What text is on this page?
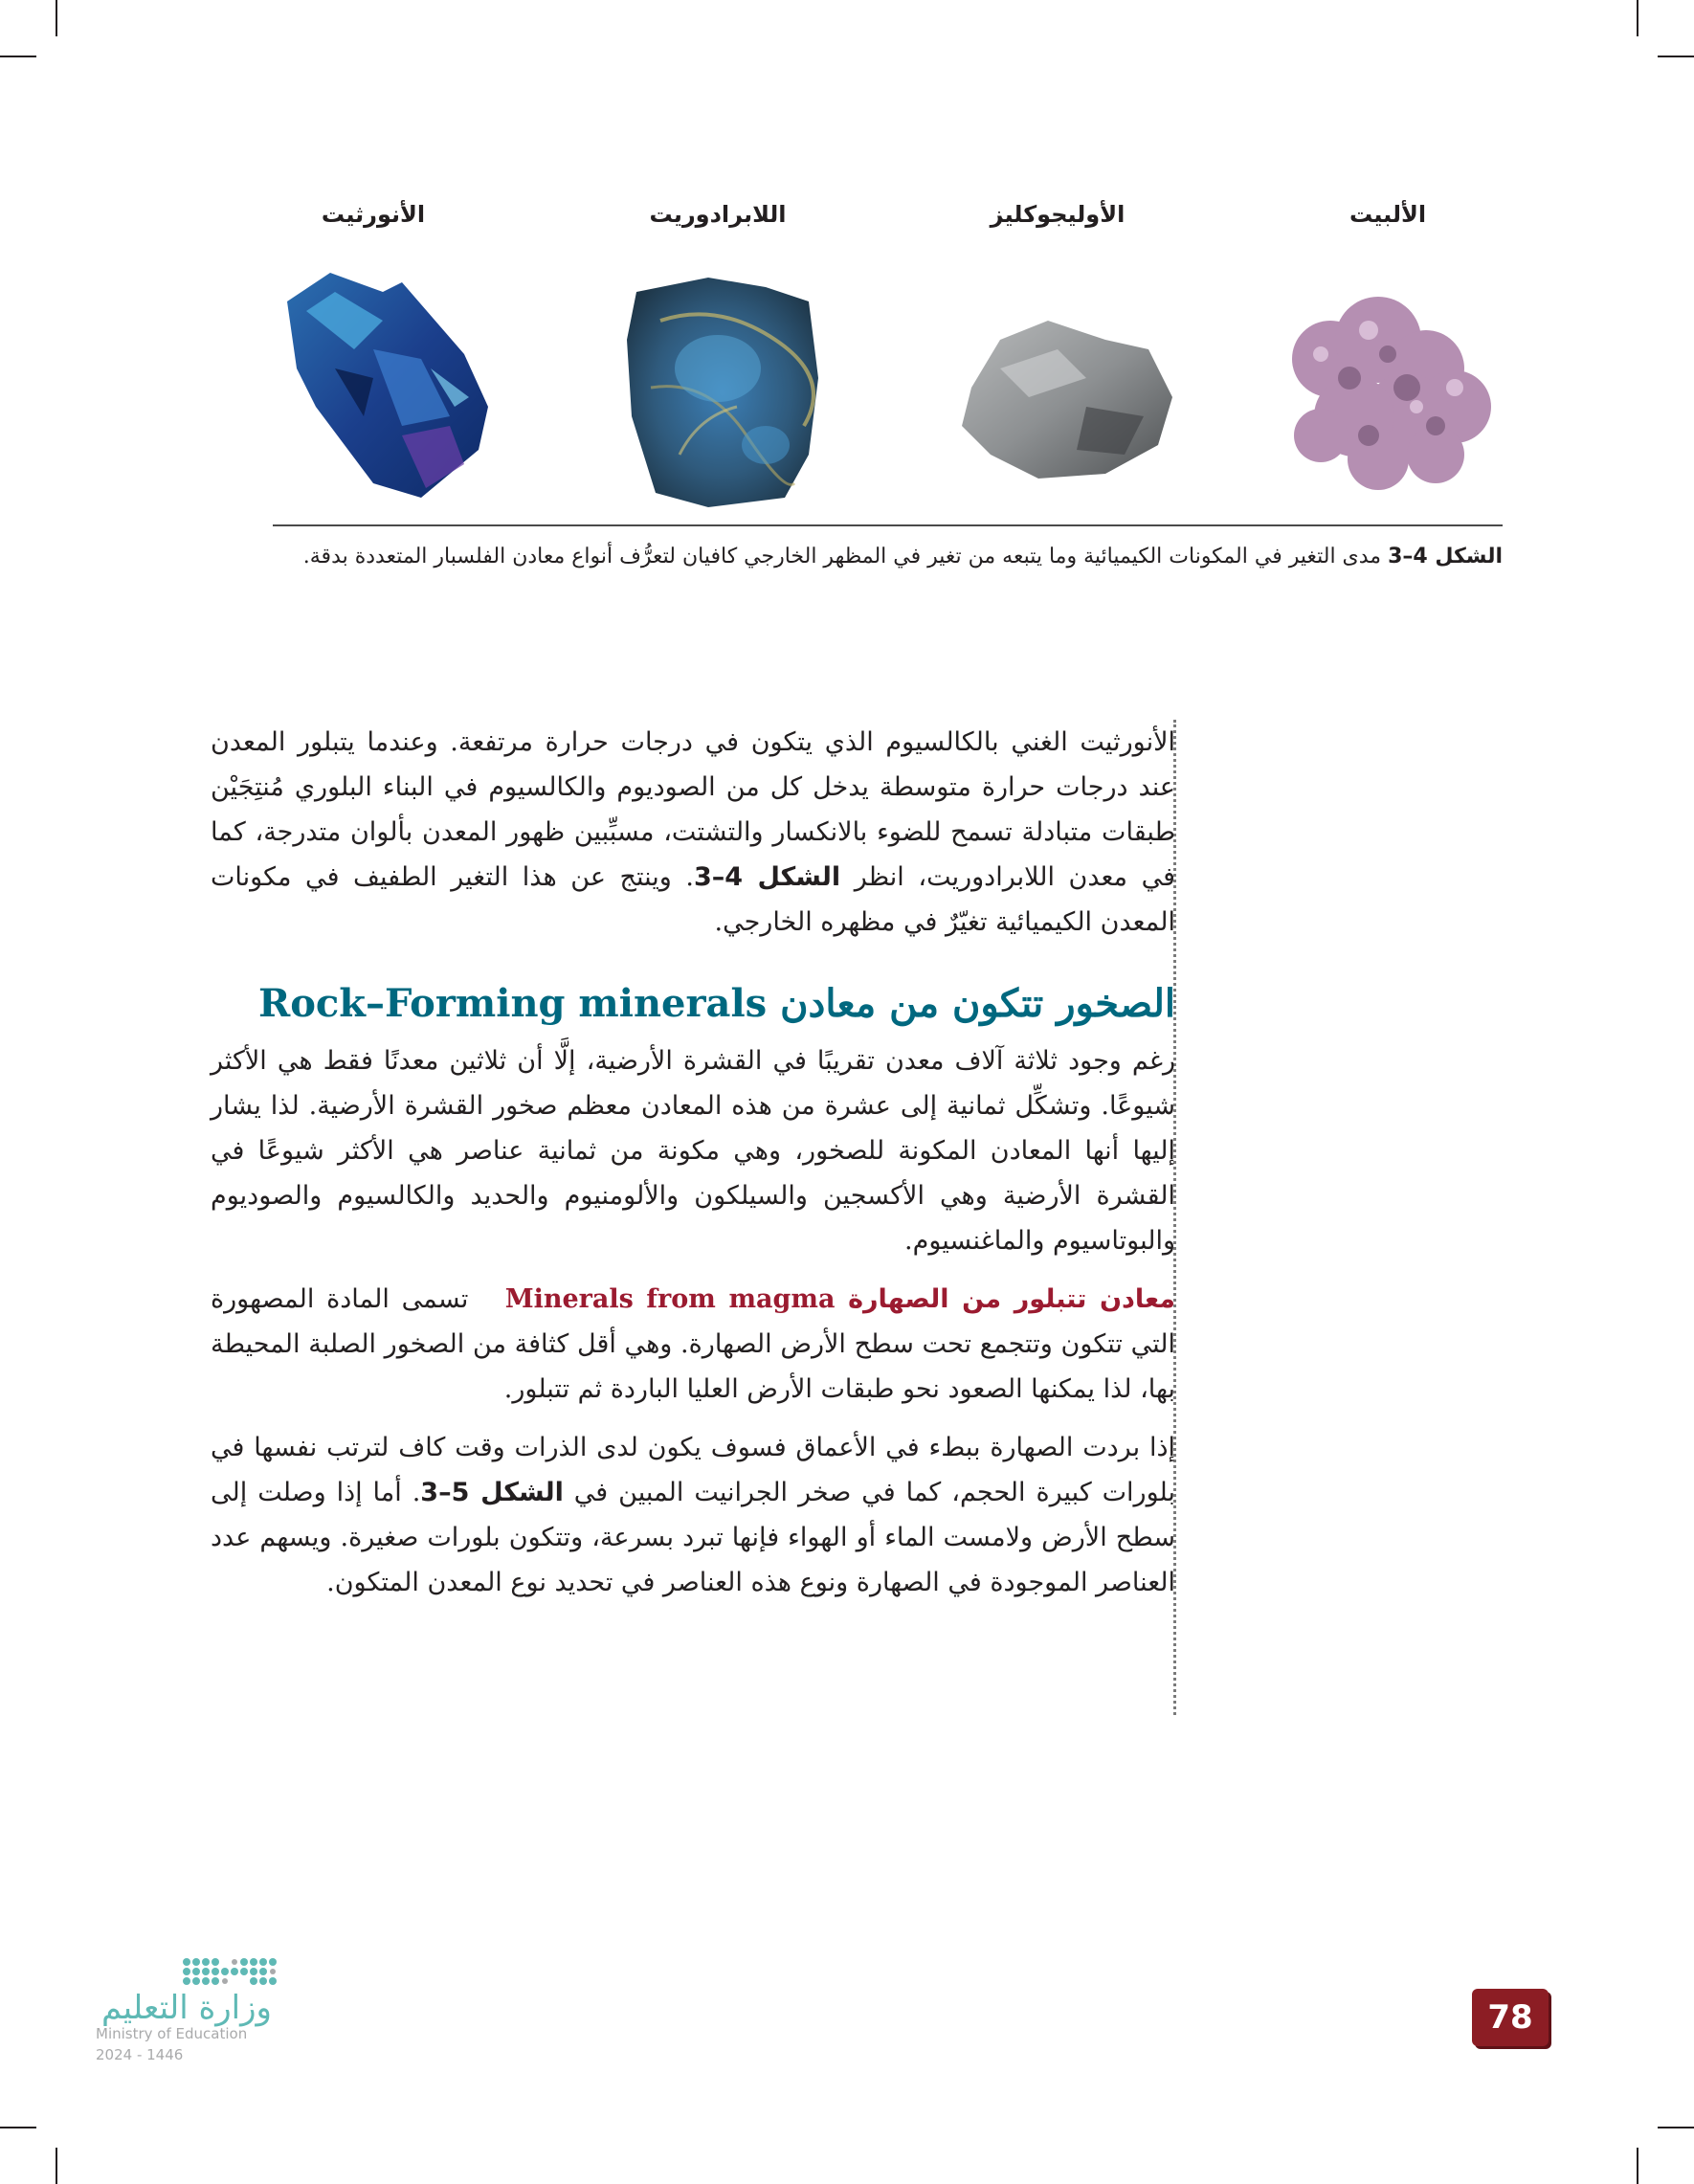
الأنورثيت	اللابرادوريت	الأوليجوكليز	الألبيت
الشكل 4–3 مدى التغير في المكونات الكيميائية وما يتبعه من تغير في المظهر الخارجي كافيان لتعرُّف أنواع معادن الفلسبار المتعددة بدقة.

الأنورثيت الغني بالكالسيوم الذي يتكون في درجات حرارة مرتفعة. وعندما يتبلور المعدن عند درجات حرارة متوسطة يدخل كل من الصوديوم والكالسيوم في البناء البلوري مُنتِجَيْن طبقات متبادلة تسمح للضوء بالانكسار والتشتت، مسبِّبين ظهور المعدن بألوان متدرجة، كما في معدن اللابرادوريت، انظر الشكل 4–3. وينتج عن هذا التغير الطفيف في مكونات المعدن الكيميائية تغيّرٌ في مظهره الخارجي.

الصخور تتكون من معادن Rock–Forming minerals

رغم وجود ثلاثة آلاف معدن تقريبًا في القشرة الأرضية، إلَّا أن ثلاثين معدنًا فقط هي الأكثر شيوعًا. وتشكِّل ثمانية إلى عشرة من هذه المعادن معظم صخور القشرة الأرضية. لذا يشار إليها أنها المعادن المكونة للصخور، وهي مكونة من ثمانية عناصر هي الأكثر شيوعًا في القشرة الأرضية وهي الأكسجين والسيلكون والألومنيوم والحديد والكالسيوم والصوديوم والبوتاسيوم والماغنسيوم.

معادن تتبلور من الصهارة Minerals from magma   تسمى المادة المصهورة التي تتكون وتتجمع تحت سطح الأرض الصهارة. وهي أقل كثافة من الصخور الصلبة المحيطة بها، لذا يمكنها الصعود نحو طبقات الأرض العليا الباردة ثم تتبلور.

إذا بردت الصهارة ببطء في الأعماق فسوف يكون لدى الذرات وقت كاف لترتب نفسها في بلورات كبيرة الحجم، كما في صخر الجرانيت المبين في الشكل 5–3. أما إذا وصلت إلى سطح الأرض ولامست الماء أو الهواء فإنها تبرد بسرعة، وتتكون بلورات صغيرة. ويسهم عدد العناصر الموجودة في الصهارة ونوع هذه العناصر في تحديد نوع المعدن المتكون.

وزارة التعليم
Ministry of Education
2024 - 1446
78
